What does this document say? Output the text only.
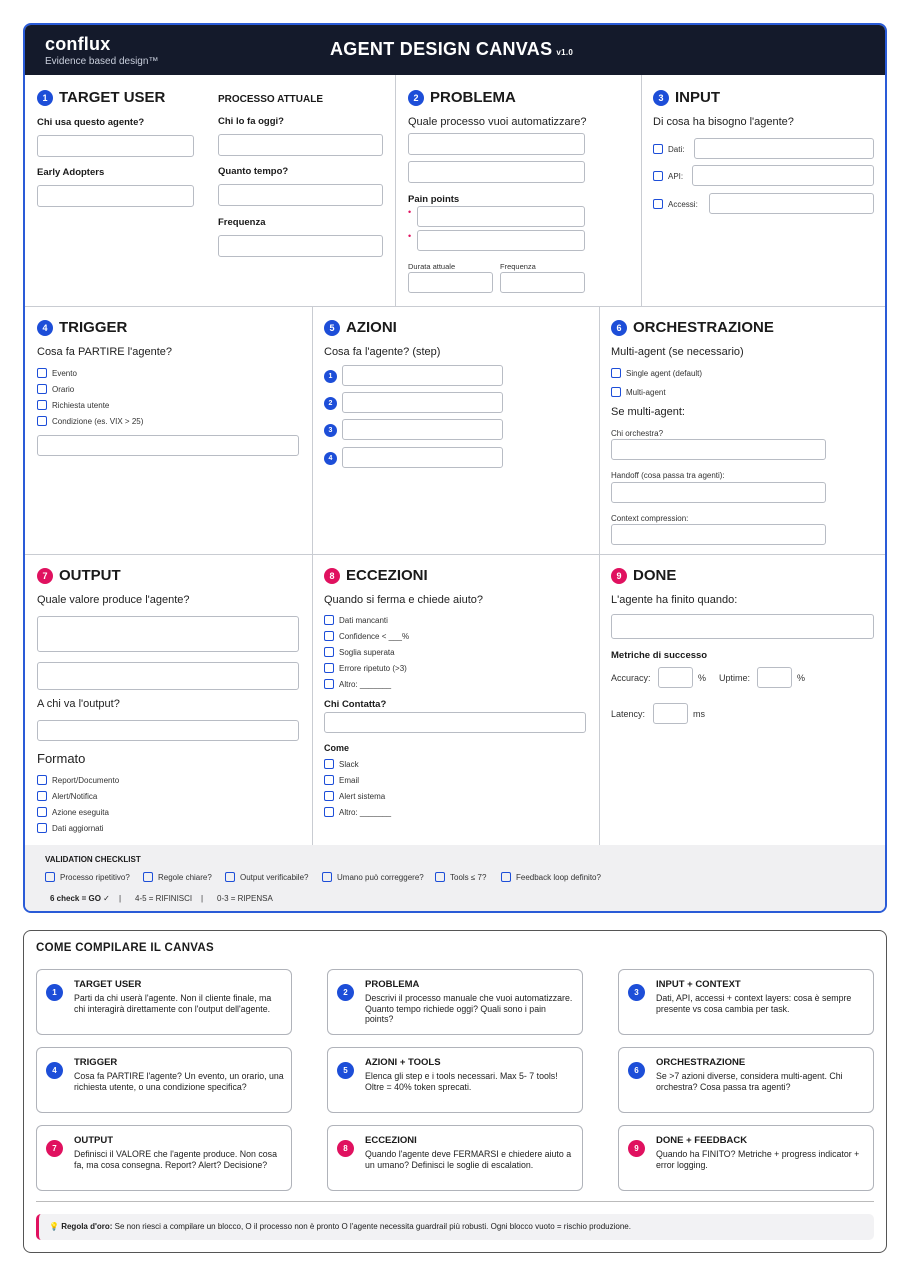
conflux
Evidence based design™
AGENT DESIGN CANVAS v1.0
1 TARGET USER
Chi usa questo agente?
Early Adopters
PROCESSO ATTUALE
Chi lo fa oggi?
Quanto tempo?
Frequenza
2 PROBLEMA
Quale processo vuoi automatizzare?
Pain points
•
•
Durata attuale	Frequenza
3 INPUT
Di cosa ha bisogno l'agente?
Dati:
API:
Accessi:
4 TRIGGER
Cosa fa PARTIRE l'agente?
Evento
Orario
Richiesta utente
Condizione (es. VIX > 25)
5 AZIONI
Cosa fa l'agente? (step)
1
2
3
4
6 ORCHESTRAZIONE
Multi-agent (se necessario)
Single agent (default)
Multi-agent
Se multi-agent:
Chi orchestra?
Handoff (cosa passa tra agenti):
Context compression:
7 OUTPUT
Quale valore produce l'agente?
A chi va l'output?
Formato
Report/Documento
Alert/Notifica
Azione eseguita
Dati aggiornati
8 ECCEZIONI
Quando si ferma e chiede aiuto?
Dati mancanti
Confidence < ___%
Soglia superata
Errore ripetuto (>3)
Altro: _______
Chi Contatta?
Come
Slack
Email
Alert sistema
Altro: _______
9 DONE
L'agente ha finito quando:
Metriche di successo
Accuracy:	% Uptime:	%
Latency:	ms
VALIDATION CHECKLIST
Processo ripetitivo?	Regole chiare?	Output verificabile?	Umano può correggere?	Tools ≤ 7?	Feedback loop definito?
6 check = GO ✓ | 4-5 = RIFINISCI | 0-3 = RIPENSA
COME COMPILARE IL CANVAS
1
TARGET USER
Parti da chi userà l'agente. Non il cliente finale, ma chi interagirà direttamente con l'output dell'agente.
2
PROBLEMA
Descrivi il processo manuale che vuoi automatizzare. Quanto tempo richiede oggi? Quali sono i pain points?
3
INPUT + CONTEXT
Dati, API, accessi + context layers: cosa è sempre presente vs cosa cambia per task.
4
TRIGGER
Cosa fa PARTIRE l'agente? Un evento, un orario, una richiesta utente, o una condizione specifica?
5
AZIONI + TOOLS
Elenca gli step e i tools necessari. Max 5- 7 tools! Oltre = 40% token sprecati.
6
ORCHESTRAZIONE
Se >7 azioni diverse, considera multi-agent. Chi orchestra? Cosa passa tra agenti?
7
OUTPUT
Definisci il VALORE che l'agente produce. Non cosa fa, ma cosa consegna. Report? Alert? Decisione?
8
ECCEZIONI
Quando l'agente deve FERMARSI e chiedere aiuto a un umano? Definisci le soglie di escalation.
9
DONE + FEEDBACK
Quando ha FINITO? Metriche + progress indicator + error logging.
💡 Regola d'oro: Se non riesci a compilare un blocco, O il processo non è pronto O l'agente necessita guardrail più robusti. Ogni blocco vuoto = rischio produzione.
